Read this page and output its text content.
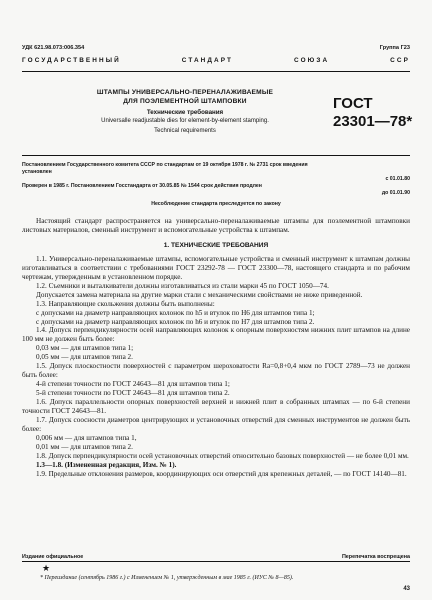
УДК 621.98.073:006.354	Группа Г23
ГОСУДАРСТВЕННЫЙ	СТАНДАРТ	СОЮЗА	ССР
ШТАМПЫ УНИВЕРСАЛЬНО-ПЕРЕНАЛАЖИВАЕМЫЕ
ДЛЯ ПОЭЛЕМЕНТНОЙ ШТАМПОВКИ
Технические требования
Universalle readjustable dies for element-by-element stamping.
Technical requirements
ГОСТ
23301—78*
Постановлением Государственного комитета СССР по стандартам от 19 октября 1978 г. № 2731 срок введения
установлен
с 01.01.80
Проверен в 1985 г. Постановлением Госстандарта от 30.05.85 № 1544 срок действия продлен
до 01.01.90
Несоблюдение стандарта преследуется по закону

Настоящий стандарт распространяется на универсально-переналаживаемые штампы для поэлементной штамповки листовых материалов, сменный инструмент и вспомогательные устройства к штампам.

1. ТЕХНИЧЕСКИЕ ТРЕБОВАНИЯ

1.1. Универсально-переналаживаемые штампы, вспомогательные устройства и сменный инструмент к штампам должны изготавливаться в соответствии с требованиями ГОСТ 23292-78 — ГОСТ 23300—78, настоящего стандарта и по рабочим чертежам, утвержденным в установленном порядке.

1.2. Съемники и выталкиватели должны изготавливаться из стали марки 45 по ГОСТ 1050—74.

Допускается замена материала на другие марки стали с механическими свойствами не ниже приведенной.

1.3. Направляющие скольжения должны быть выполнены:

с допусками на диаметр направляющих колонок по h5 и втулок по H6 для штампов типа 1;

с допусками на диаметр направляющих колонок по h6 и втулок по H7 для штампов типа 2.

1.4. Допуск перпендикулярности осей направляющих колонок к опорным поверхностям нижних плит штампов на длине 100 мм не должен быть более:

0,03 мм — для штампов типа 1;

0,05 мм — для штампов типа 2.

1.5. Допуск плоскостности поверхностей с параметром шероховатости Ra=0,8+0,4 мкм по ГОСТ 2789—73 не должен быть более:

4-й степени точности по ГОСТ 24643—81 для штампов типа 1;

5-й степени точности по ГОСТ 24643—81 для штампов типа 2.

1.6. Допуск параллельности опорных поверхностей верхней и нижней плит в собранных штампах — по 6-й степени точности ГОСТ 24643—81.

1.7. Допуск соосности диаметров центрирующих и установочных отверстий для сменных инструментов не должен быть более:

0,006 мм — для штампов типа 1,

0,01 мм — для штампов типа 2.

1.8. Допуск перпендикулярности осей установочных отверстий относительно базовых поверхностей — не более 0,01 мм.

1.3—1.8. (Измененная редакция, Изм. № 1).

1.9. Предельные отклонения размеров, координирующих оси отверстий для крепежных деталей, — по ГОСТ 14140—81.

Издание официальное	Перепечатка воспрещена
★
* Переиздание (сентябрь 1986 г.) с Изменением № 1, утвержденным в мае 1985 г. (ИУС № 8—85).
43
